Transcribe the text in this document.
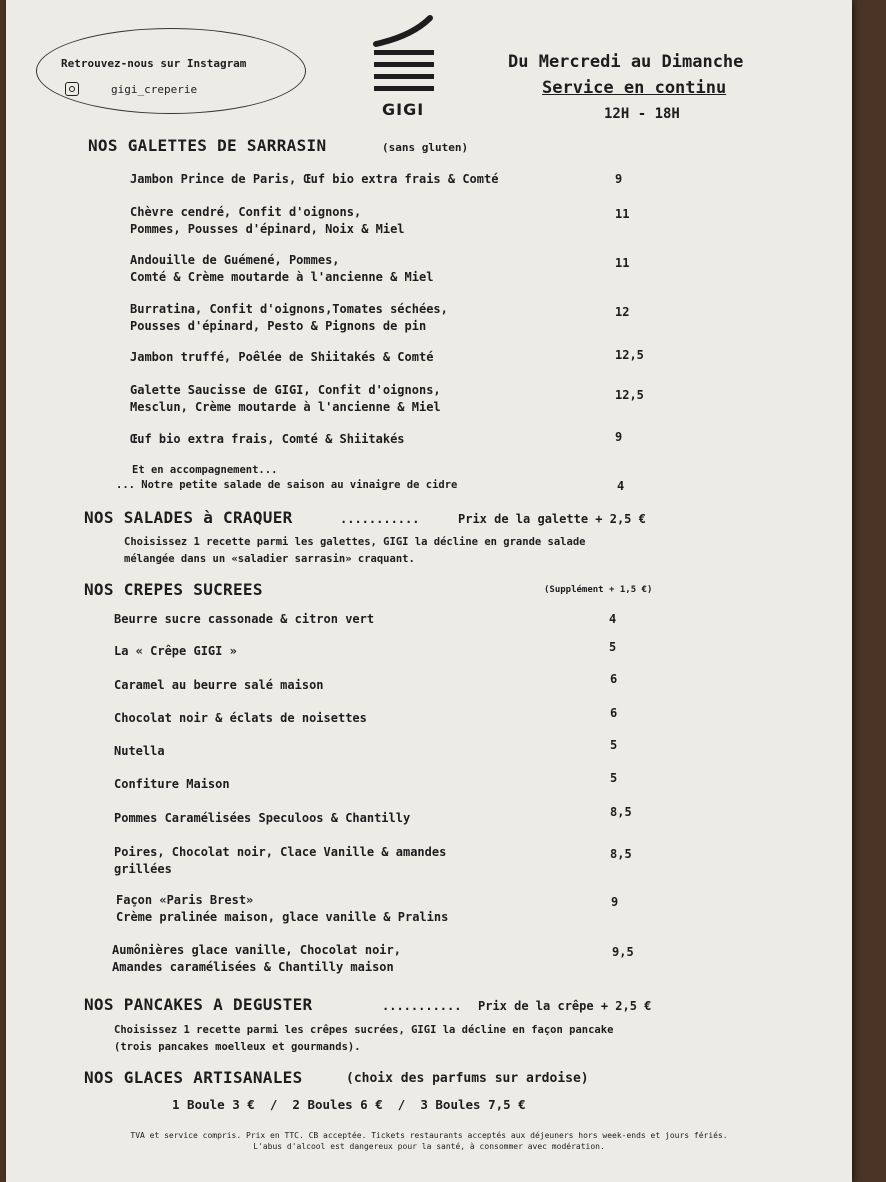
Retrouvez-nous sur Instagram
gigi_creperie
GIGI
Du Mercredi au Dimanche
Service en continu
12H - 18H
NOS GALETTES DE SARRASIN	(sans gluten)
Jambon Prince de Paris, Œuf bio extra frais & Comté	9
Chèvre cendré, Confit d'oignons,
Pommes, Pousses d'épinard, Noix & Miel
11
Andouille de Guémené, Pommes,
Comté & Crème moutarde à l'ancienne & Miel
11
Burratina, Confit d'oignons,Tomates séchées,
Pousses d'épinard, Pesto & Pignons de pin
12
Jambon truffé, Poêlée de Shiitakés & Comté	12,5
Galette Saucisse de GIGI, Confit d'oignons,
Mesclun, Crème moutarde à l'ancienne & Miel
12,5
Œuf bio extra frais, Comté & Shiitakés	9
Et en accompagnement...
... Notre petite salade de saison au vinaigre de cidre	4
NOS SALADES à CRAQUER	...........	Prix de la galette + 2,5 €
Choisissez 1 recette parmi les galettes, GIGI la décline en grande salade
mélangée dans un «saladier sarrasin» craquant.
NOS CREPES SUCREES	(Supplément + 1,5 €)
Beurre sucre cassonade & citron vert	4
La « Crêpe GIGI »	5
Caramel au beurre salé maison	6
Chocolat noir & éclats de noisettes	6
Nutella	5
Confiture Maison	5
Pommes Caramélisées Speculoos & Chantilly	8,5
Poires, Chocolat noir, Clace Vanille & amandes
grillées
8,5
Façon «Paris Brest»
Crème pralinée maison, glace vanille & Pralins
9
Aumônières glace vanille, Chocolat noir,
Amandes caramélisées & Chantilly maison
9,5
NOS PANCAKES A DEGUSTER	........... Prix de la crêpe + 2,5 €
Choisissez 1 recette parmi les crêpes sucrées, GIGI la décline en façon pancake
(trois pancakes moelleux et gourmands).
NOS GLACES ARTISANALES	(choix des parfums sur ardoise)
1 Boule 3 €  /  2 Boules 6 €  /  3 Boules 7,5 €
TVA et service compris. Prix en TTC. CB acceptée. Tickets restaurants acceptés aux déjeuners hors week-ends et jours fériés.
L'abus d'alcool est dangereux pour la santé, à consommer avec modération.
